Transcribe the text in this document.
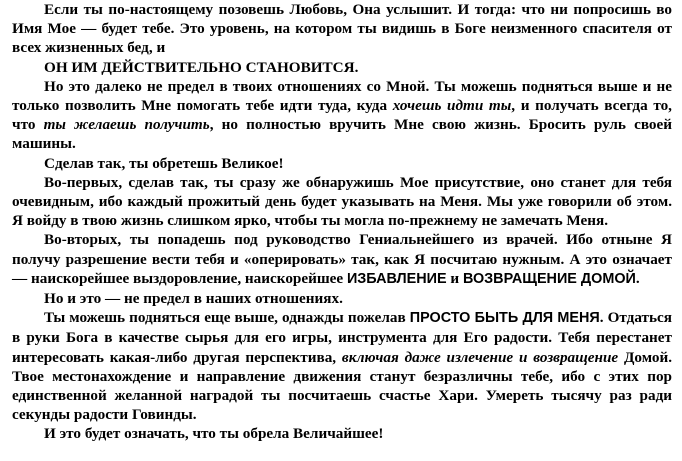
Если ты по-настоящему позовешь Любовь, Она услышит. И тогда: что ни попросишь во Имя Мое — будет тебе. Это уровень, на котором ты видишь в Боге неизменного спасителя от всех жизненных бед, и

ОН ИМ ДЕЙСТВИТЕЛЬНО СТАНОВИТСЯ.

Но это далеко не предел в твоих отношениях со Мной. Ты можешь подняться выше и не только позволить Мне помогать тебе идти туда, куда хочешь идти ты, и получать всегда то, что ты желаешь получить, но полностью вручить Мне свою жизнь. Бросить руль своей машины.

Сделав так, ты обретешь Великое!

Во-первых, сделав так, ты сразу же обнаружишь Мое присутствие, оно станет для тебя очевидным, ибо каждый прожитый день будет указывать на Меня. Мы уже говорили об этом. Я войду в твою жизнь слишком ярко, чтобы ты могла по-прежнему не замечать Меня.

Во-вторых, ты попадешь под руководство Гениальнейшего из врачей. Ибо отныне Я получу разрешение вести тебя и «оперировать» так, как Я посчитаю нужным. А это означает — наискорейшее выздоровление, наискорейшее ИЗБАВЛЕНИЕ и ВОЗВРАЩЕНИЕ ДОМОЙ.

Но и это — не предел в наших отношениях.

Ты можешь подняться еще выше, однажды пожелав ПРОСТО БЫТЬ ДЛЯ МЕНЯ. Отдаться в руки Бога в качестве сырья для его игры, инструмента для Его радости. Тебя перестанет интересовать какая-либо другая перспектива, включая даже излечение и возвращение Домой. Твое местонахождение и направление движения станут безразличны тебе, ибо с этих пор единственной желанной наградой ты посчитаешь счастье Хари. Умереть тысячу раз ради секунды радости Говинды.

И это будет означать, что ты обрела Величайшее!
